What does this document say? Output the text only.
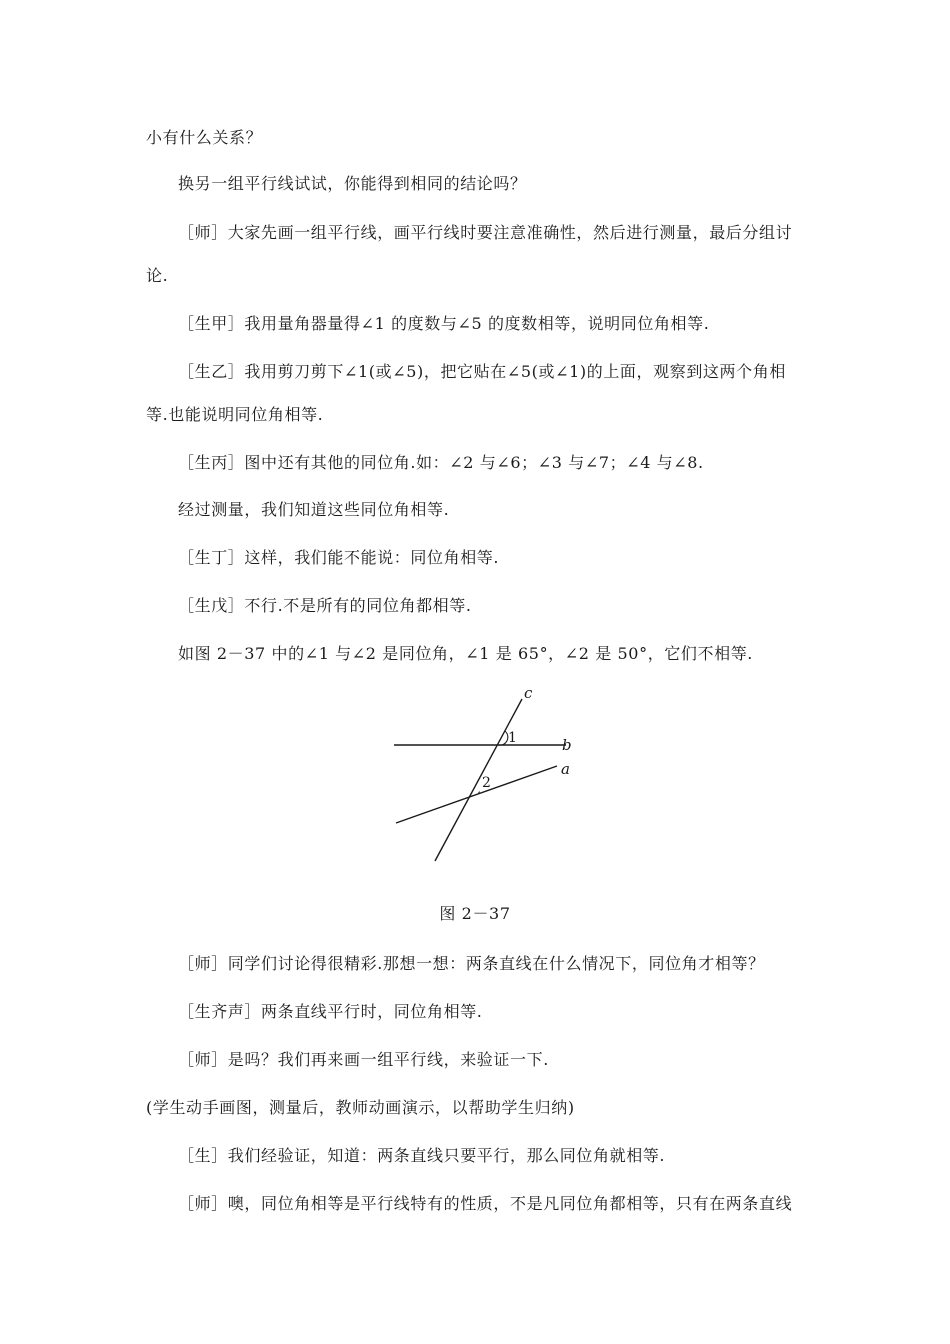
小有什么关系？
换另一组平行线试试，你能得到相同的结论吗？
［师］大家先画一组平行线，画平行线时要注意准确性，然后进行测量，最后分组讨
论.
［生甲］我用量角器量得∠1 的度数与∠5 的度数相等，说明同位角相等.
［生乙］我用剪刀剪下∠1(或∠5)，把它贴在∠5(或∠1)的上面，观察到这两个角相
等.也能说明同位角相等.
［生丙］图中还有其他的同位角.如：∠2 与∠6；∠3 与∠7；∠4 与∠8.
经过测量，我们知道这些同位角相等.
［生丁］这样，我们能不能说：同位角相等.
［生戊］不行.不是所有的同位角都相等.
如图 2－37 中的∠1 与∠2 是同位角，∠1 是 65°，∠2 是 50°，它们不相等.
c
b
a
1
2
图 2－37
［师］同学们讨论得很精彩.那想一想：两条直线在什么情况下，同位角才相等？
［生齐声］两条直线平行时，同位角相等.
［师］是吗？我们再来画一组平行线，来验证一下.
(学生动手画图，测量后，教师动画演示，以帮助学生归纳)
［生］我们经验证，知道：两条直线只要平行，那么同位角就相等.
［师］噢，同位角相等是平行线特有的性质，不是凡同位角都相等，只有在两条直线
